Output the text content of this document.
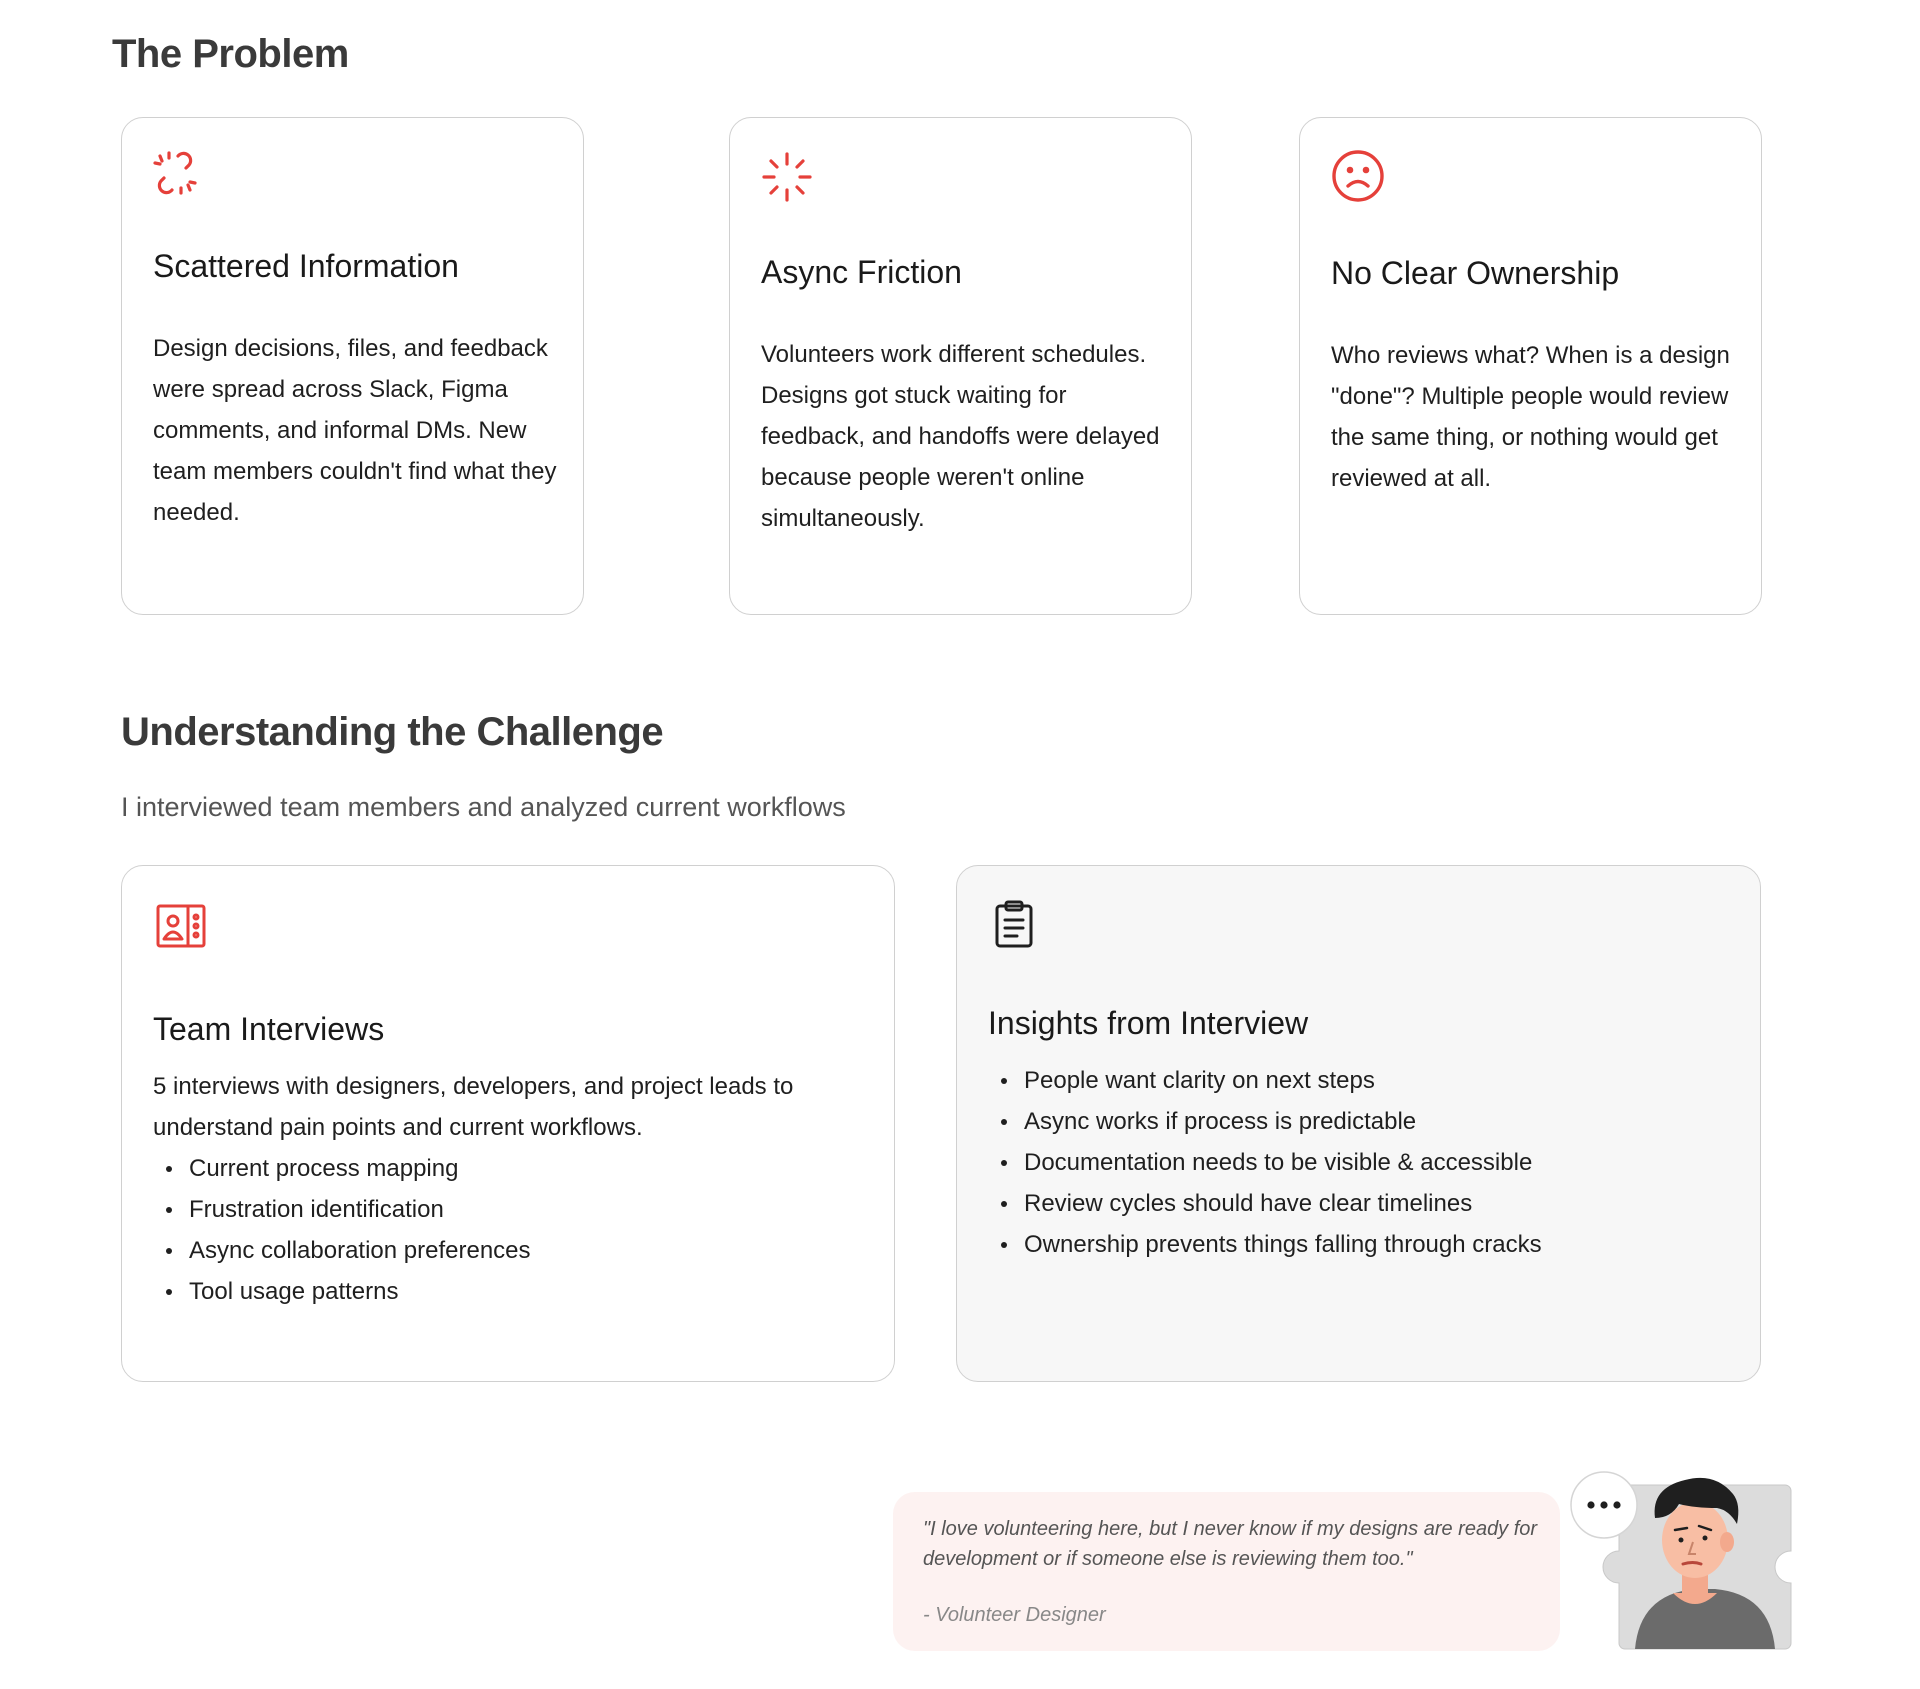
The Problem
Scattered Information

Design decisions, files, and feedback were spread across Slack, Figma comments, and informal DMs. New team members couldn't find what they needed.

Async Friction

Volunteers work different schedules. Designs got stuck waiting for feedback, and handoffs were delayed because people weren't online simultaneously.

No Clear Ownership

Who reviews what? When is a design "done"? Multiple people would review the same thing, or nothing would get reviewed at all.

Understanding the Challenge
I interviewed team members and analyzed current workflows
Team Interviews

5 interviews with designers, developers, and project leads to understand pain points and current workflows.

Current process mapping
Frustration identification
Async collaboration preferences
Tool usage patterns
Insights from Interview
People want clarity on next steps
Async works if process is predictable
Documentation needs to be visible & accessible
Review cycles should have clear timelines
Ownership prevents things falling through cracks
"I love volunteering here, but I never know if my designs are ready for development or if someone else is reviewing them too."
- Volunteer Designer
